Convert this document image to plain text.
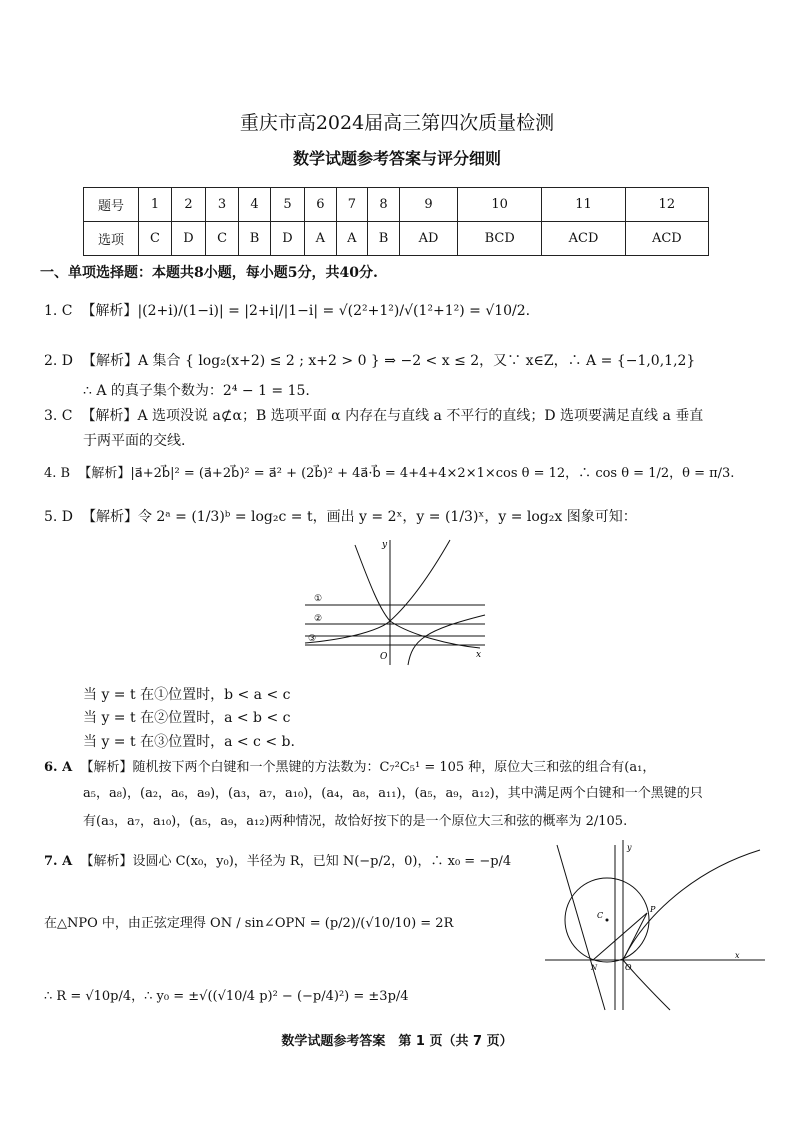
重庆市高2024届高三第四次质量检测
数学试题参考答案与评分细则
题号	1	2	3	4	5	6	7	8	9	10	11	12
选项	C	D	C	B	D	A	A	B	AD	BCD	ACD	ACD
一、单项选择题：本题共8小题，每小题5分，共40分.
1. C 【解析】|(2+i)/(1−i)| = |2+i|/|1−i| = √(2²+1²)/√(1²+1²) = √10/2.
2. D 【解析】A 集合 { log₂(x+2) ≤ 2 ; x+2 > 0 } ⇒ −2 < x ≤ 2，又∵ x∈Z，∴ A = {−1,0,1,2}
∴ A 的真子集个数为：2⁴ − 1 = 15.
3. C 【解析】A 选项没说 a⊄α；B 选项平面 α 内存在与直线 a 不平行的直线；D 选项要满足直线 a 垂直
于两平面的交线.
4. B 【解析】|a⃗+2b⃗|² = (a⃗+2b⃗)² = a⃗² + (2b⃗)² + 4a⃗·b⃗ = 4+4+4×2×1×cos θ = 12，∴ cos θ = 1/2，θ = π/3.
5. D 【解析】令 2ᵃ = (1/3)ᵇ = log₂c = t，画出 y = 2ˣ，y = (1/3)ˣ，y = log₂x 图象可知：
y
x
O
①
②
③
当 y = t 在①位置时，b < a < c
当 y = t 在②位置时，a < b < c
当 y = t 在③位置时，a < c < b.
6. A 【解析】随机按下两个白键和一个黑键的方法数为：C₇²C₅¹ = 105 种，原位大三和弦的组合有(a₁，
a₅，a₈)，(a₂，a₆，a₉)，(a₃，a₇，a₁₀)，(a₄，a₈，a₁₁)，(a₅，a₉，a₁₂)，其中满足两个白键和一个黑键的只
有(a₃，a₇，a₁₀)，(a₅，a₉，a₁₂)两种情况，故恰好按下的是一个原位大三和弦的概率为 2/105.
7. A 【解析】设圆心 C(x₀，y₀)，半径为 R，已知 N(−p/2，0)，∴ x₀ = −p/4
在△NPO 中，由正弦定理得 ON / sin∠OPN = (p/2)/(√10/10) = 2R
∴ R = √10p/4，∴ y₀ = ±√((√10/4 p)² − (−p/4)²) = ±3p/4
y
x
O
C
P
N
数学试题参考答案　第 1 页（共 7 页）
